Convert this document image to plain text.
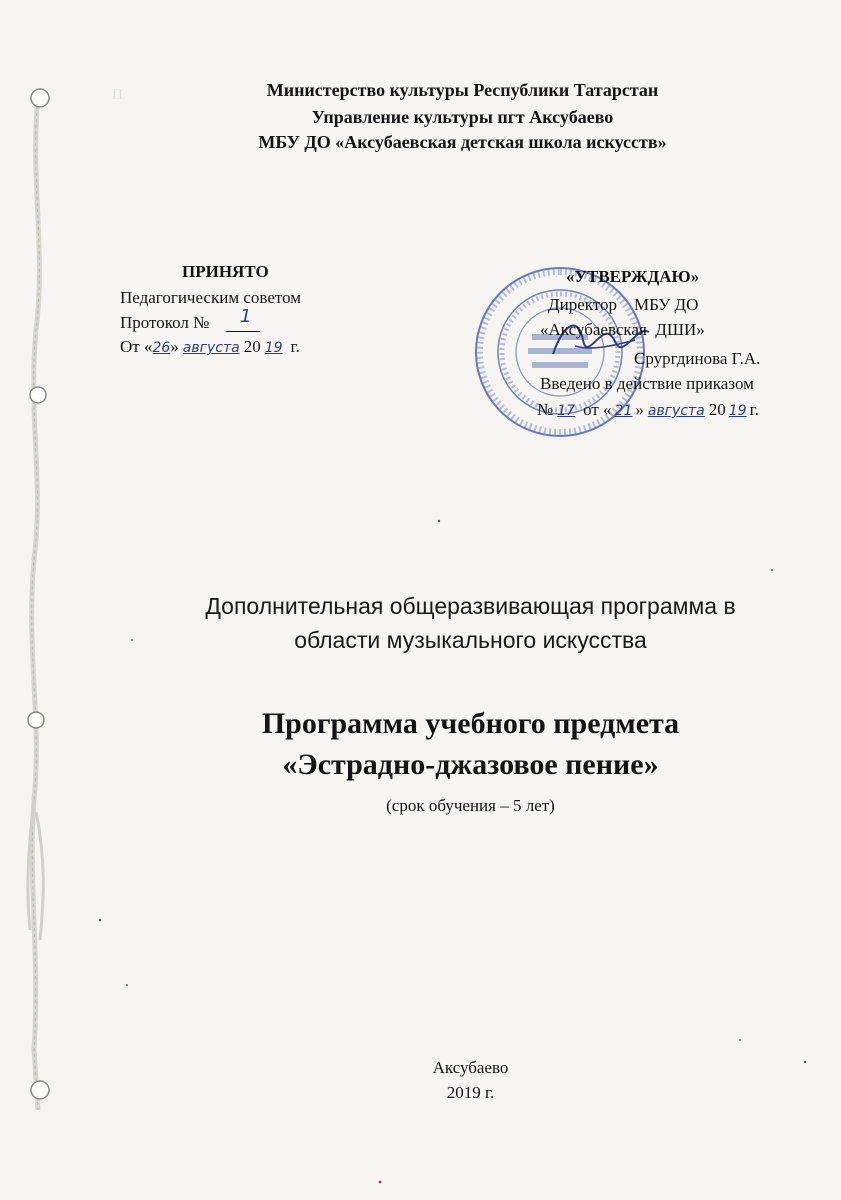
П	Министерство культуры Республики Татарстан
Управление культуры пгт Аксубаево
МБУ ДО «Аксубаевская детская школа искусств»
ПРИНЯТО
Педагогическим советом
Протокол № 1
От «26» августа 20 19 г.
«УТВЕРЖДАЮ»
Директор    МБУ ДО
«Аксубаевская  ДШИ»
Срургдинова Г.А.
Введено в действие приказом
№ 17 от « 21 » августа 20 19 г.
Дополнительная общеразвивающая программа в
области музыкального искусства
Программа учебного предмета
«Эстрадно-джазовое пение»
(срок обучения – 5 лет)
Аксубаево
2019 г.
